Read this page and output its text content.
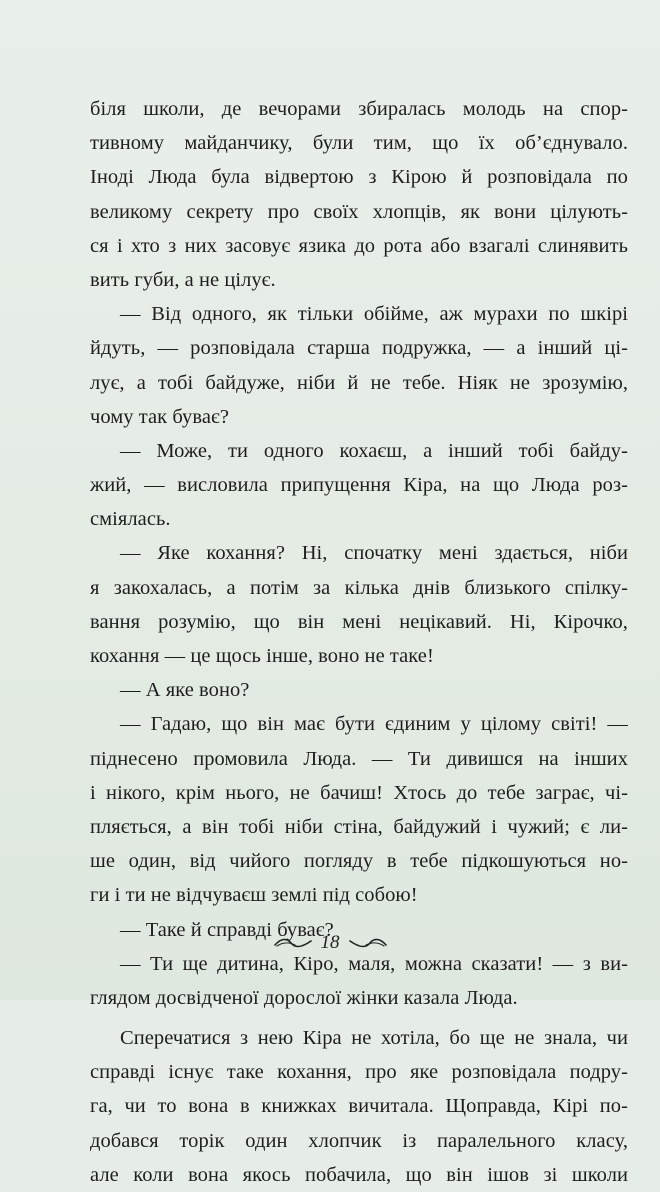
біля школи, де вечорами збиралась молодь на спор-
тивному майданчику, були тим, що їх об’єднувало.
Іноді Люда була відвертою з Кірою й розповідала по
великому секрету про своїх хлопців, як вони цілують-
ся і хто з них засовує язика до рота або взагалі слинявить
вить губи, а не цілує.
— Від одного, як тільки обійме, аж мурахи по шкірі
йдуть, — розповідала старша подружка, — а інший ці-
лує, а тобі байдуже, ніби й не тебе. Ніяк не зрозумію,
чому так буває?
— Може, ти одного кохаєш, а інший тобі байду-
жий, — висловила припущення Кіра, на що Люда роз-
сміялась.
— Яке кохання? Ні, спочатку мені здається, ніби
я закохалась, а потім за кілька днів близького спілку-
вання розумію, що він мені нецікавий. Ні, Кірочко,
кохання — це щось інше, воно не таке!
— А яке воно?
— Гадаю, що він має бути єдиним у цілому світі! —
піднесено промовила Люда. — Ти дивишся на інших
і нікого, крім нього, не бачиш! Хтось до тебе заграє, чі-
пляється, а він тобі ніби стіна, байдужий і чужий; є ли-
ше один, від чийого погляду в тебе підкошуються но-
ги і ти не відчуваєш землі під собою!
— Таке й справді буває?
— Ти ще дитина, Кіро, маля, можна сказати! — з ви-
глядом досвідченої дорослої жінки казала Люда.
Сперечатися з нею Кіра не хотіла, бо ще не знала, чи
справді існує таке кохання, про яке розповідала подру-
га, чи то вона в книжках вичитала. Щоправда, Кірі по-
добався торік один хлопчик із паралельного класу,
але коли вона якось побачила, що він ішов зі школи
18
